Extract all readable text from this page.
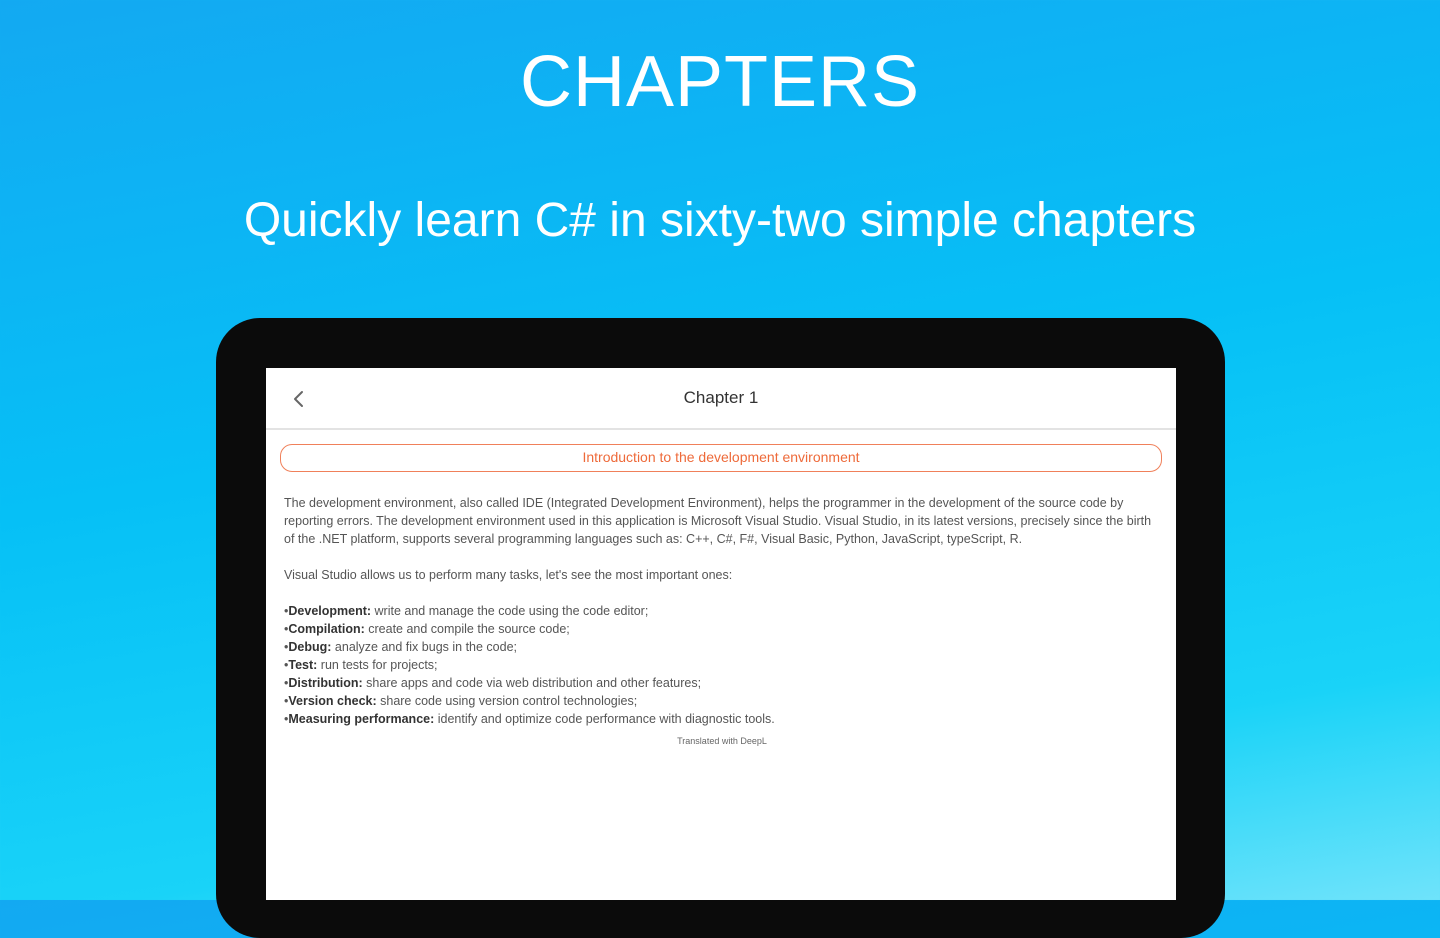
CHAPTERS
Quickly learn C# in sixty-two simple chapters
Chapter 1
Introduction to the development environment

The development environment, also called IDE (Integrated Development Environment), helps the programmer in the development of the source code by reporting errors. The development environment used in this application is Microsoft Visual Studio. Visual Studio, in its latest versions, precisely since the birth of the .NET platform, supports several programming languages such as: C++, C#, F#, Visual Basic, Python, JavaScript, typeScript, R.

Visual Studio allows us to perform many tasks, let's see the most important ones:

•Development: write and manage the code using the code editor;
•Compilation: create and compile the source code;
•Debug: analyze and fix bugs in the code;
•Test: run tests for projects;
•Distribution: share apps and code via web distribution and other features;
•Version check: share code using version control technologies;
•Measuring performance: identify and optimize code performance with diagnostic tools.
Translated with DeepL
